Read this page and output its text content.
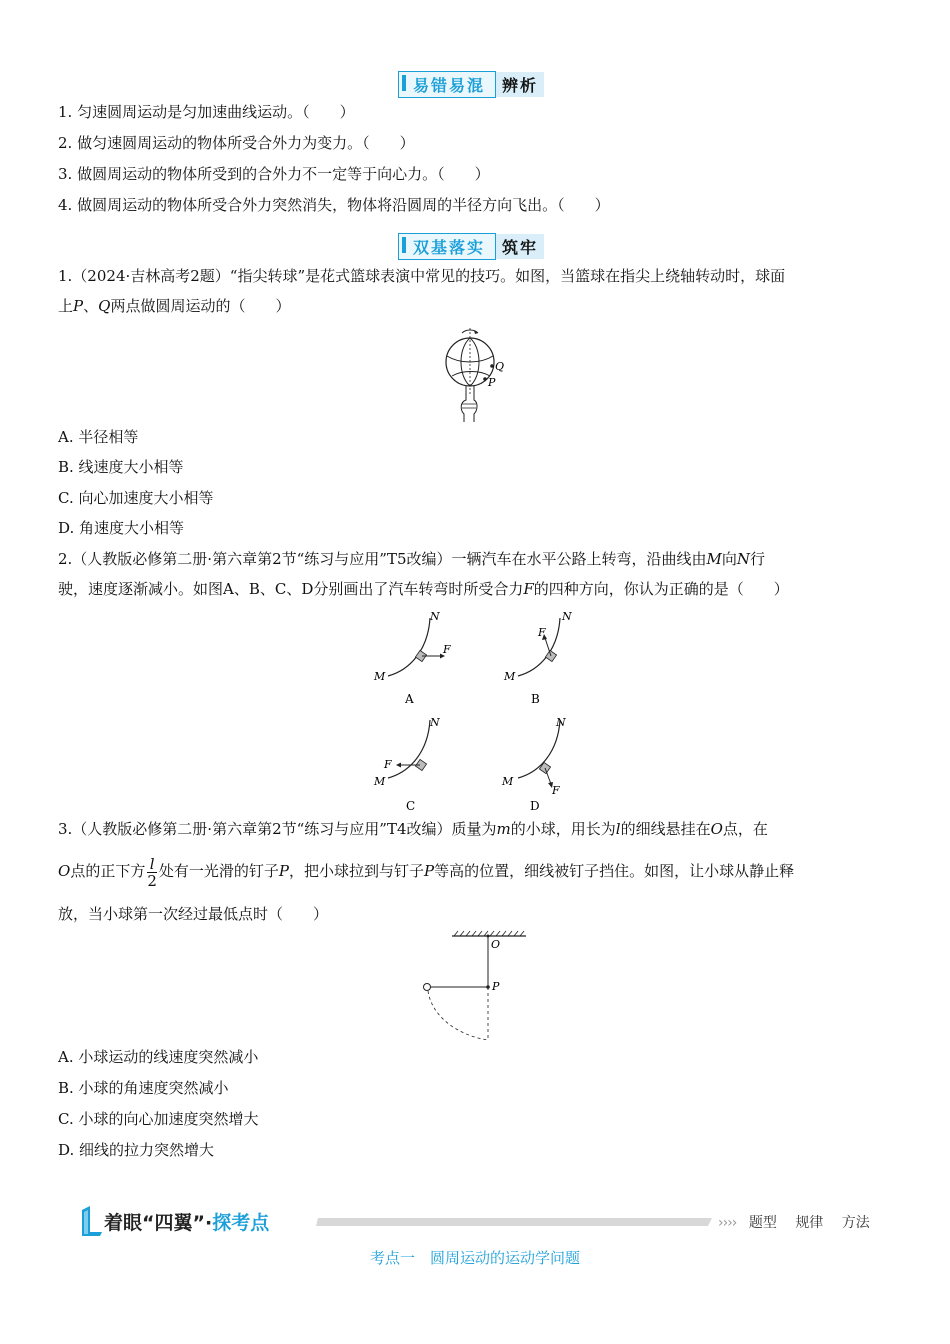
易错易混	辨析
1. 匀速圆周运动是匀加速曲线运动。（　　）
2. 做匀速圆周运动的物体所受合外力为变力。（　　）
3. 做圆周运动的物体所受到的合外力不一定等于向心力。（　　）
4. 做圆周运动的物体所受合外力突然消失，物体将沿圆周的半径方向飞出。（　　）
双基落实	筑牢
1.（2024·吉林高考2题）“指尖转球”是花式篮球表演中常见的技巧。如图，当篮球在指尖上绕轴转动时，球面
上P、Q两点做圆周运动的（　　）
Q
P
A. 半径相等
B. 线速度大小相等
C. 向心加速度大小相等
D. 角速度大小相等
2.（人教版必修第二册·第六章第2节“练习与应用”T5改编）一辆汽车在水平公路上转弯，沿曲线由M向N行
驶，速度逐渐减小。如图A、B、C、D分别画出了汽车转弯时所受合力F的四种方向，你认为正确的是（　　）
M
N
F
A
M
N
F
B
M
N
F
C
M
N
F
D
3.（人教版必修第二册·第六章第2节“练习与应用”T4改编）质量为m的小球，用长为l的细线悬挂在O点，在
O点的正下方 $\frac{l}{2}$ 处有一光滑的钉子P，把小球拉到与钉子P等高的位置，细线被钉子挡住。如图，让小球从静止释
放，当小球第一次经过最低点时（　　）
O
P
A. 小球运动的线速度突然减小
B. 小球的角速度突然减小
C. 小球的向心加速度突然增大
D. 细线的拉力突然增大
着眼“四翼”·探考点	›››› 题型 规律 方法
考点一　圆周运动的运动学问题
